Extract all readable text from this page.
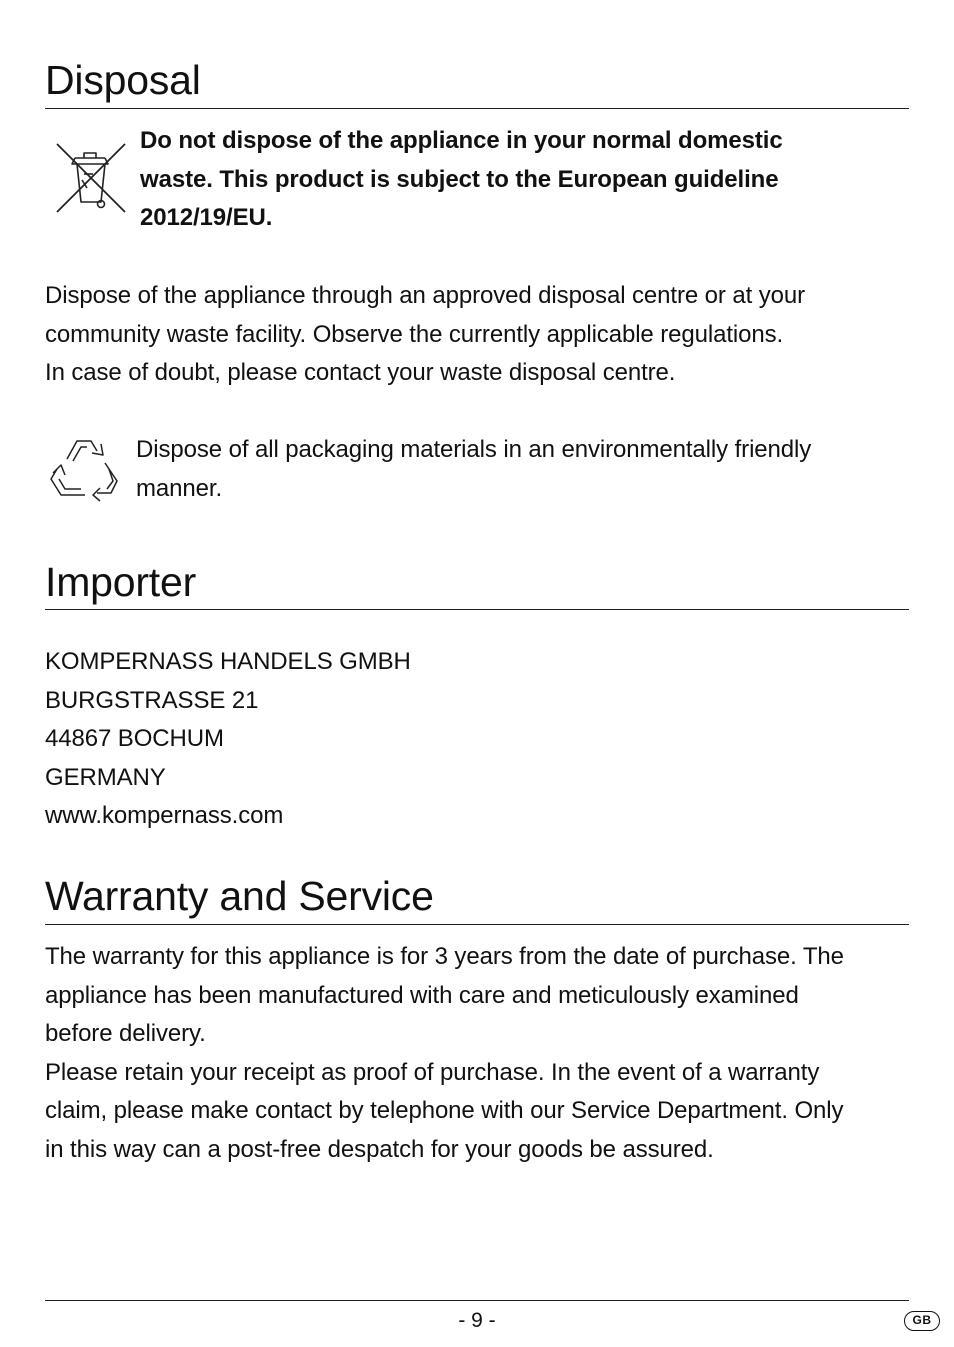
Disposal

Do not dispose of the appliance in your normal domestic
waste. This product is subject to the European guideline
2012/19/EU.

Dispose of the appliance through an approved disposal centre or at your
community waste facility. Observe the currently applicable regulations.
In case of doubt, please contact your waste disposal centre.

Dispose of all packaging materials in an environmentally friendly
manner.

Importer

KOMPERNASS HANDELS GMBH
BURGSTRASSE 21
44867 BOCHUM
GERMANY
www.kompernass.com

Warranty and Service

The warranty for this appliance is for 3 years from the date of purchase. The
appliance has been manufactured with care and meticulously examined
before delivery.
Please retain your receipt as proof of purchase. In the event of a warranty
claim, please make contact by telephone with our Service Department. Only
in this way can a post-free despatch for your goods be assured.

- 9 -	GB
